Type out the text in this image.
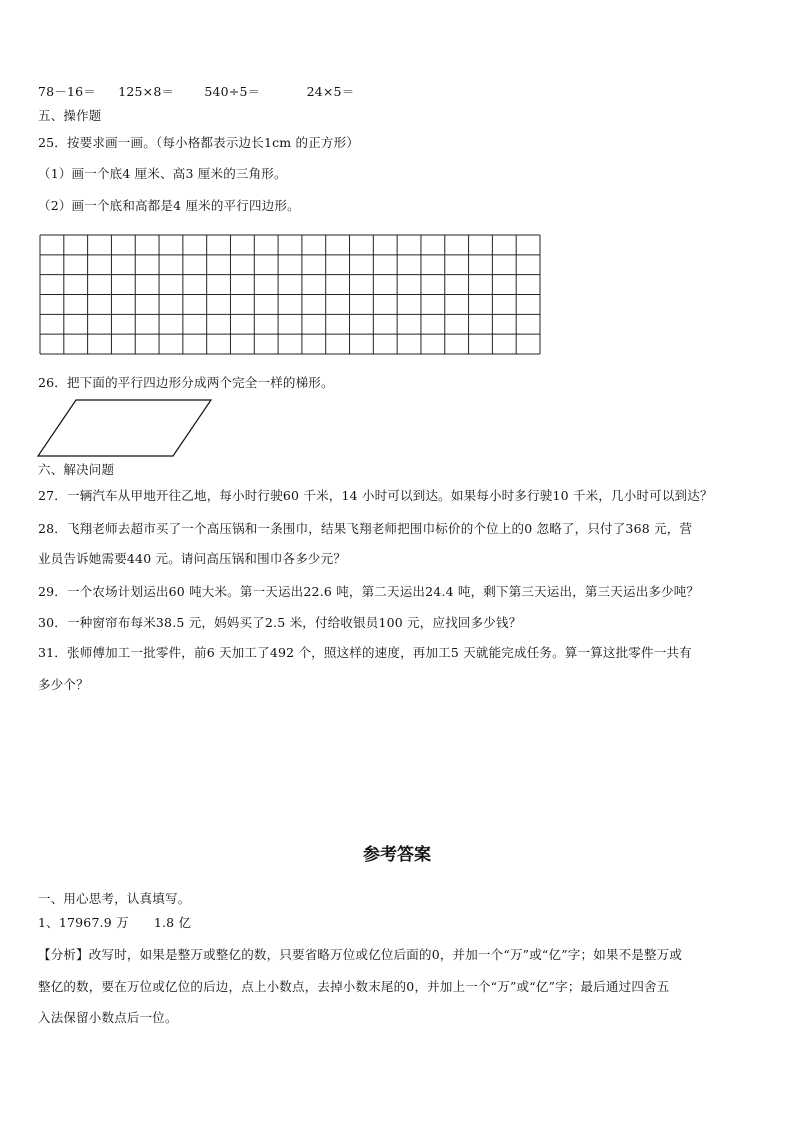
78－16＝ 125×8＝ 540÷5＝	24×5＝
五、操作题
25．按要求画一画。（每小格都表示边长1cm 的正方形）
（1）画一个底4 厘米、高3 厘米的三角形。
（2）画一个底和高都是4 厘米的平行四边形。
26．把下面的平行四边形分成两个完全一样的梯形。
六、解决问题
27．一辆汽车从甲地开往乙地，每小时行驶60 千米，14 小时可以到达。如果每小时多行驶10 千米，几小时可以到达？
28．飞翔老师去超市买了一个高压锅和一条围巾，结果飞翔老师把围巾标价的个位上的0 忽略了，只付了368 元，营
业员告诉她需要440 元。请问高压锅和围巾各多少元？
29．一个农场计划运出60 吨大米。第一天运出22.6 吨，第二天运出24.4 吨，剩下第三天运出，第三天运出多少吨？
30．一种窗帘布每米38.5 元，妈妈买了2.5 米，付给收银员100 元，应找回多少钱？
31．张师傅加工一批零件，前6 天加工了492 个，照这样的速度，再加工5 天就能完成任务。算一算这批零件一共有
多少个？
参考答案
一、用心思考，认真填写。
1、17967.9 万      1.8 亿
【分析】改写时，如果是整万或整亿的数，只要省略万位或亿位后面的0，并加一个“万”或“亿”字；如果不是整万或
整亿的数，要在万位或亿位的后边，点上小数点，去掉小数末尾的0，并加上一个“万”或“亿”字；最后通过四舍五
入法保留小数点后一位。
